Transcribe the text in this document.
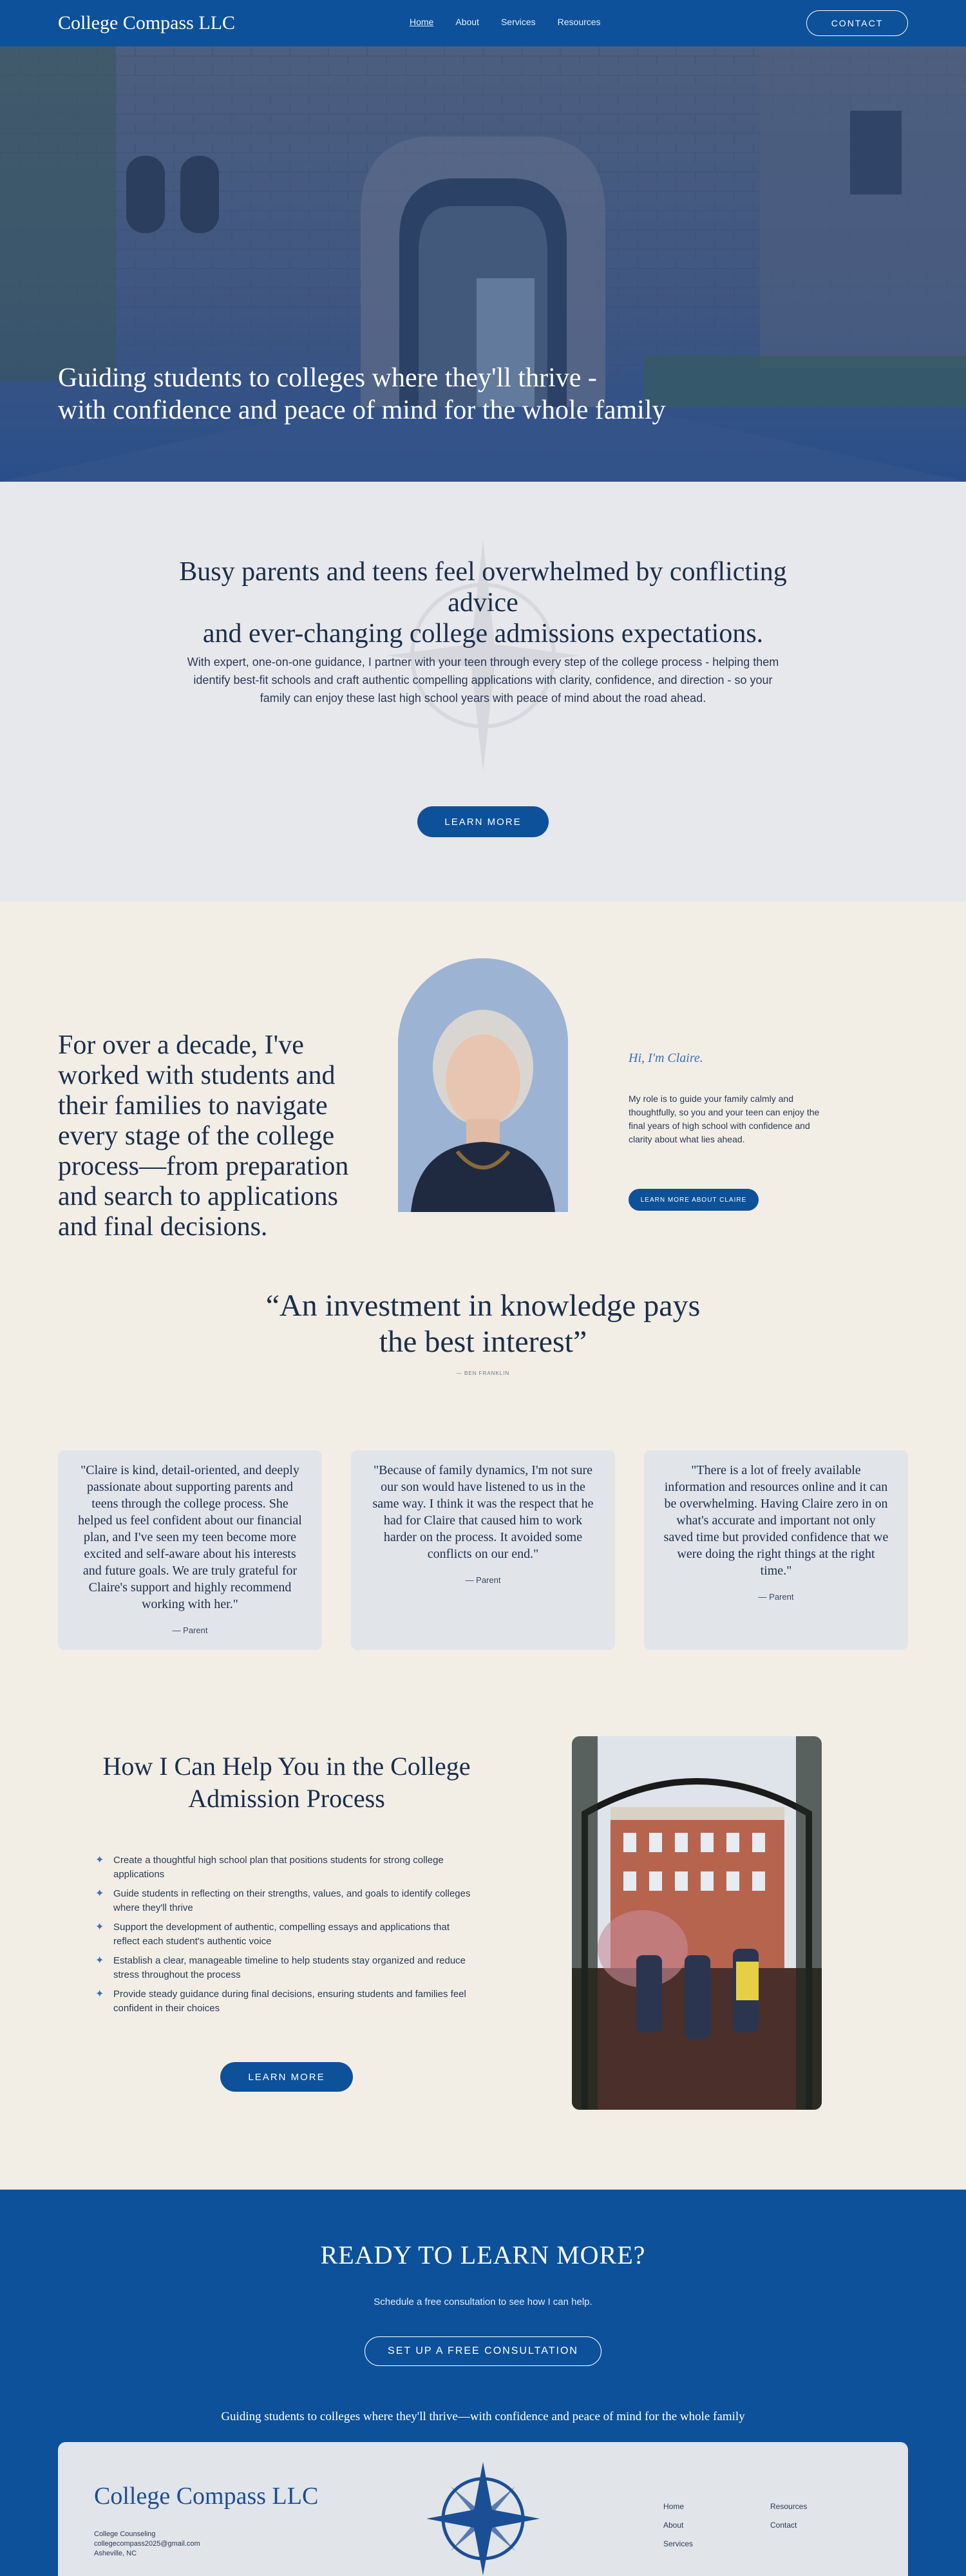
College Compass LLC	Home About Services Resources	CONTACT
Guiding students to colleges where they'll thrive -
with confidence and peace of mind for the whole family
Busy parents and teens feel overwhelmed by conflicting advice
and ever-changing college admissions expectations.

With expert, one-on-one guidance, I partner with your teen through every step of the college process - helping them identify best-fit schools and craft authentic compelling applications with clarity, confidence, and direction - so your family can enjoy these last high school years with peace of mind about the road ahead.

LEARN MORE
For over a decade, I've worked with students and their families to navigate every stage of the college process—from preparation and search to applications and final decisions.
Hi, I'm Claire.
My role is to guide your family calmly and thoughtfully, so you and your teen can enjoy the final years of high school with confidence and clarity about what lies ahead.
LEARN MORE ABOUT CLAIRE
“An investment in knowledge pays
the best interest”
— BEN FRANKLIN
"Claire is kind, detail-oriented, and deeply passionate about supporting parents and teens through the college process. She helped us feel confident about our financial plan, and I've seen my teen become more excited and self-aware about his interests and future goals. We are truly grateful for Claire's support and highly recommend working with her."
— Parent
"Because of family dynamics, I'm not sure our son would have listened to us in the same way. I think it was the respect that he had for Claire that caused him to work harder on the process. It avoided some conflicts on our end."
— Parent
"There is a lot of freely available information and resources online and it can be overwhelming. Having Claire zero in on what's accurate and important not only saved time but provided confidence that we were doing the right things at the right time."
— Parent
How I Can Help You in the College
Admission Process
✦ Create a thoughtful high school plan that positions students for strong college applications
✦ Guide students in reflecting on their strengths, values, and goals to identify colleges where they'll thrive
✦ Support the development of authentic, compelling essays and applications that reflect each student's authentic voice
✦ Establish a clear, manageable timeline to help students stay organized and reduce stress throughout the process
✦ Provide steady guidance during final decisions, ensuring students and families feel confident in their choices
LEARN MORE
READY TO LEARN MORE?
Schedule a free consultation to see how I can help.
SET UP A FREE CONSULTATION
Guiding students to colleges where they'll thrive—with confidence and peace of mind for the whole family
College Compass LLC
College Counseling
collegecompass2025@gmail.com
Asheville, NC
Home
About
Services
Resources
Contact
